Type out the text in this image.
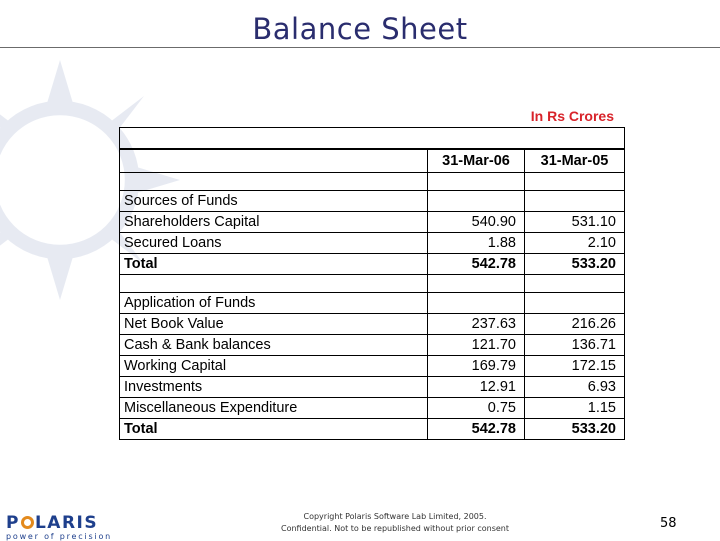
Balance Sheet
In Rs Crores

	31-Mar-06	31-Mar-05

Sources of Funds		
Shareholders Capital	540.90	531.10
Secured Loans	1.88	2.10
Total	542.78	533.20

Application of Funds		
Net Book Value	237.63	216.26
Cash & Bank balances	121.70	136.71
Working Capital	169.79	172.15
Investments	12.91	6.93
Miscellaneous Expenditure	0.75	1.15
Total	542.78	533.20
P LARIS
power of precision
Copyright Polaris Software Lab Limited, 2005.
Confidential. Not to be republished without prior consent	58
